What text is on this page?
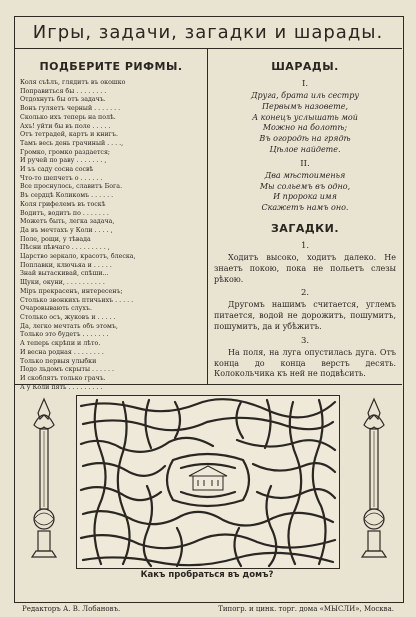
Игры, задачи, загадки и шарады.
ПОДБЕРИТЕ РИФМЫ.
Коля съѣлъ, глядитъ въ окошко
Поправиться бы . . . . . . . .
Отдохнуть бы отъ задачъ.
Вонъ гуляетъ черный . . . . . . .
Сколько ихъ теперь на полѣ.
Ахъ! уйти бы въ поле . . . . .
Отъ тетрадей, картъ и книгъ.
Тамъ весь день грачиный . . . .,
Громко, громко раздается;
И ручей по раву . . . . . . . ,
И ъъ саду сосна сосвѣ
Что-то шепчетъ о . . . . . .
Все проснулось, славитъ Бога.
Въ сердцѣ Коликомъ . . . . . .
Коля грифелемъ въ тоскѣ
Водитъ, водитъ по . . . . . . .
Можетъ быть, легка задача,
Да въ мечтахъ у Коли . . . . ,
Поле, рощи, у тѣвада
Пѣсни пѣвчаго . . . . . . . . . ,
Царство зеркало, красотъ, блеска,
Поплавки, ключьяа и . . . . .
Знай вытаскивай, спѣши...
Щуки, окуни, . . . . . . . . . .
Міръ прекрасенъ, интересенъ;
Столько звонкихъ птичьихъ . . . . .
Очаровывають слухъ.
Столько осъ, жуковъ и . . . . .
Да, легко мечтать объ этомъ,
Только это будетъ . . . . . . .
А теперь скрѣпи и лѣто.
И весна родная . . . . . . . .
Только первыя улыбки
Подо льдомъ скрыты . . . . . .
И скоблятъ только грачъ.
А у Коли пять . . . . . . . . .
ШАРАДЫ.
I.
Друга, брата иль сестру
Первымъ назовете,
А конецъ услышать мой
Можно на болотѣ;
Въ огородѣ на грядѣ
Цѣлое найдете.
II.
Два мѣстоименья
Мы сольемъ въ одно,
И пророка имя
Скажетъ намъ оно.
ЗАГАДКИ.
1.
Ходитъ высоко, ходитъ далеко. Не знаетъ покою, пока не польетъ слезы рѣкою.
2.
Другомъ нашимъ считается, углемъ питается, водой не дорожитъ, пошумитъ, пошумитъ, да и убѣжитъ.
3.
На поля, на луга опустилась дуга. Отъ конца до конца верстъ десять. Колокольчика къ ней не подвѣсить.
Какъ пробраться въ домъ?
Редакторъ А. В. Лобановъ.	Типогр. и цинк. торг. дома «МЫСЛИ», Москва.
